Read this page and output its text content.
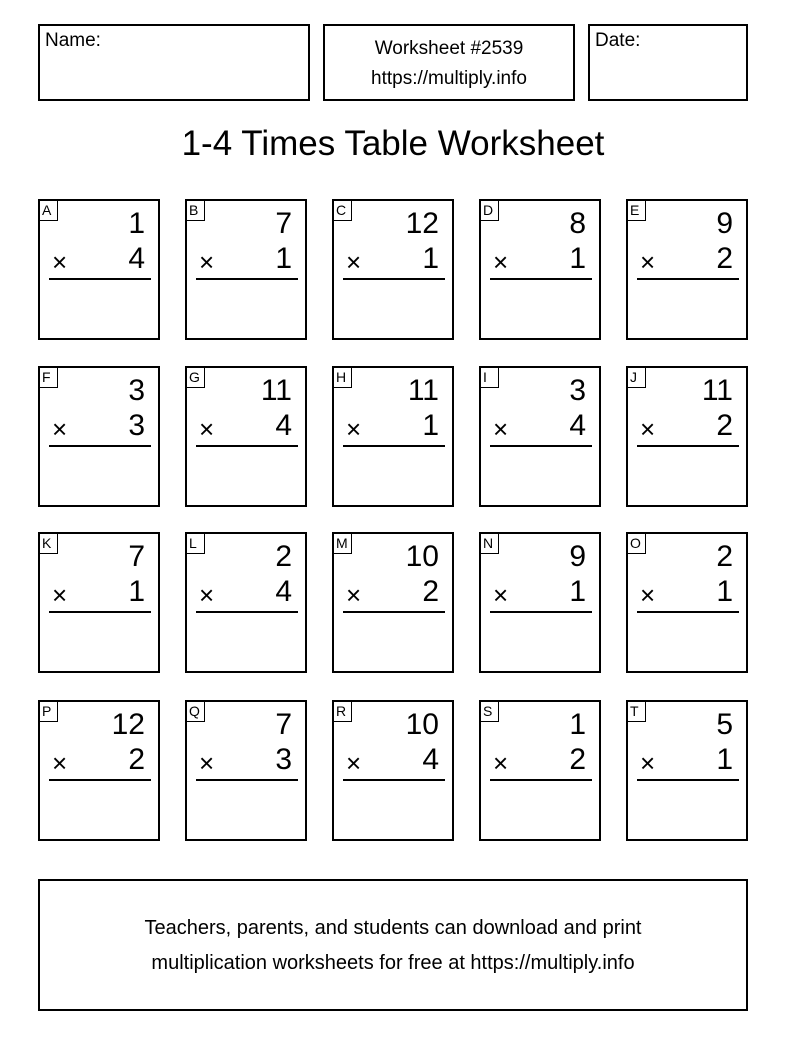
Name:	Worksheet #2539
https://multiply.info
Date:
1-4 Times Table Worksheet
A	1
× 4
B	7
× 1
C 12
× 1
D	8
× 1
E	9
× 2
F	3
× 3
G 11
× 4
H 11
× 1
I	3
× 4
J	11
× 2
K	7
× 1
L	2
× 4
M 10
× 2
N	9
× 1
O	2
× 1
P 12
× 2
Q	7
× 3
R 10
× 4
S	1
× 2
T	5
× 1
Teachers, parents, and students can download and print
multiplication worksheets for free at https://multiply.info
